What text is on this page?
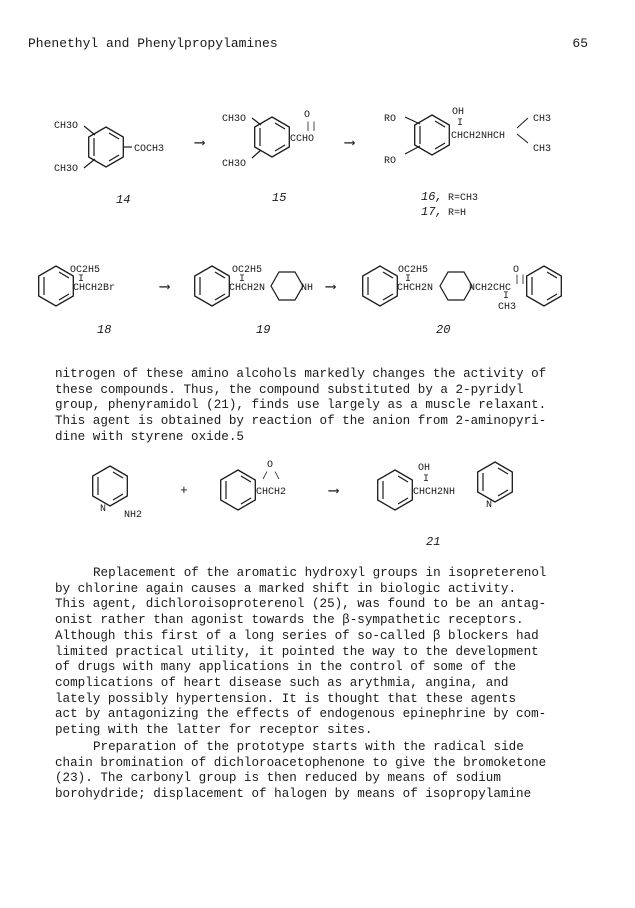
Phenethyl and Phenylpropylamines	65
CH3O
CH3O
COCH3
14
⟶
CH3O
CH3O
O
||
CCHO
15
⟶
RO
RO
OH
I
CHCH2NHCH
CH3
CH3
16, R=CH3
17, R=H
OC2H5
I
CHCH2Br
18
⟶
OC2H5
I
CHCH2N	NH
19
⟶
OC2H5
I
CHCH2N	NCH2CHC
O
||
I
CH3
20
N
NH2
+
O
/ \
CHCH2	⟶
OH
I
CHCH2NH
N
21
nitrogen of these amino alcohols markedly changes the activity of
these compounds. Thus, the compound substituted by a 2-pyridyl
group, phenyramidol (21), finds use largely as a muscle relaxant.
This agent is obtained by reaction of the anion from 2-aminopyri-
dine with styrene oxide.5
Replacement of the aromatic hydroxyl groups in isopreterenol
by chlorine again causes a marked shift in biologic activity.
This agent, dichloroisoproterenol (25), was found to be an antag-
onist rather than agonist towards the β-sympathetic receptors.
Although this first of a long series of so-called β blockers had
limited practical utility, it pointed the way to the development
of drugs with many applications in the control of some of the
complications of heart disease such as arythmia, angina, and
lately possibly hypertension. It is thought that these agents
act by antagonizing the effects of endogenous epinephrine by com-
peting with the latter for receptor sites.
Preparation of the prototype starts with the radical side
chain bromination of dichloroacetophenone to give the bromoketone
(23). The carbonyl group is then reduced by means of sodium
borohydride; displacement of halogen by means of isopropylamine
